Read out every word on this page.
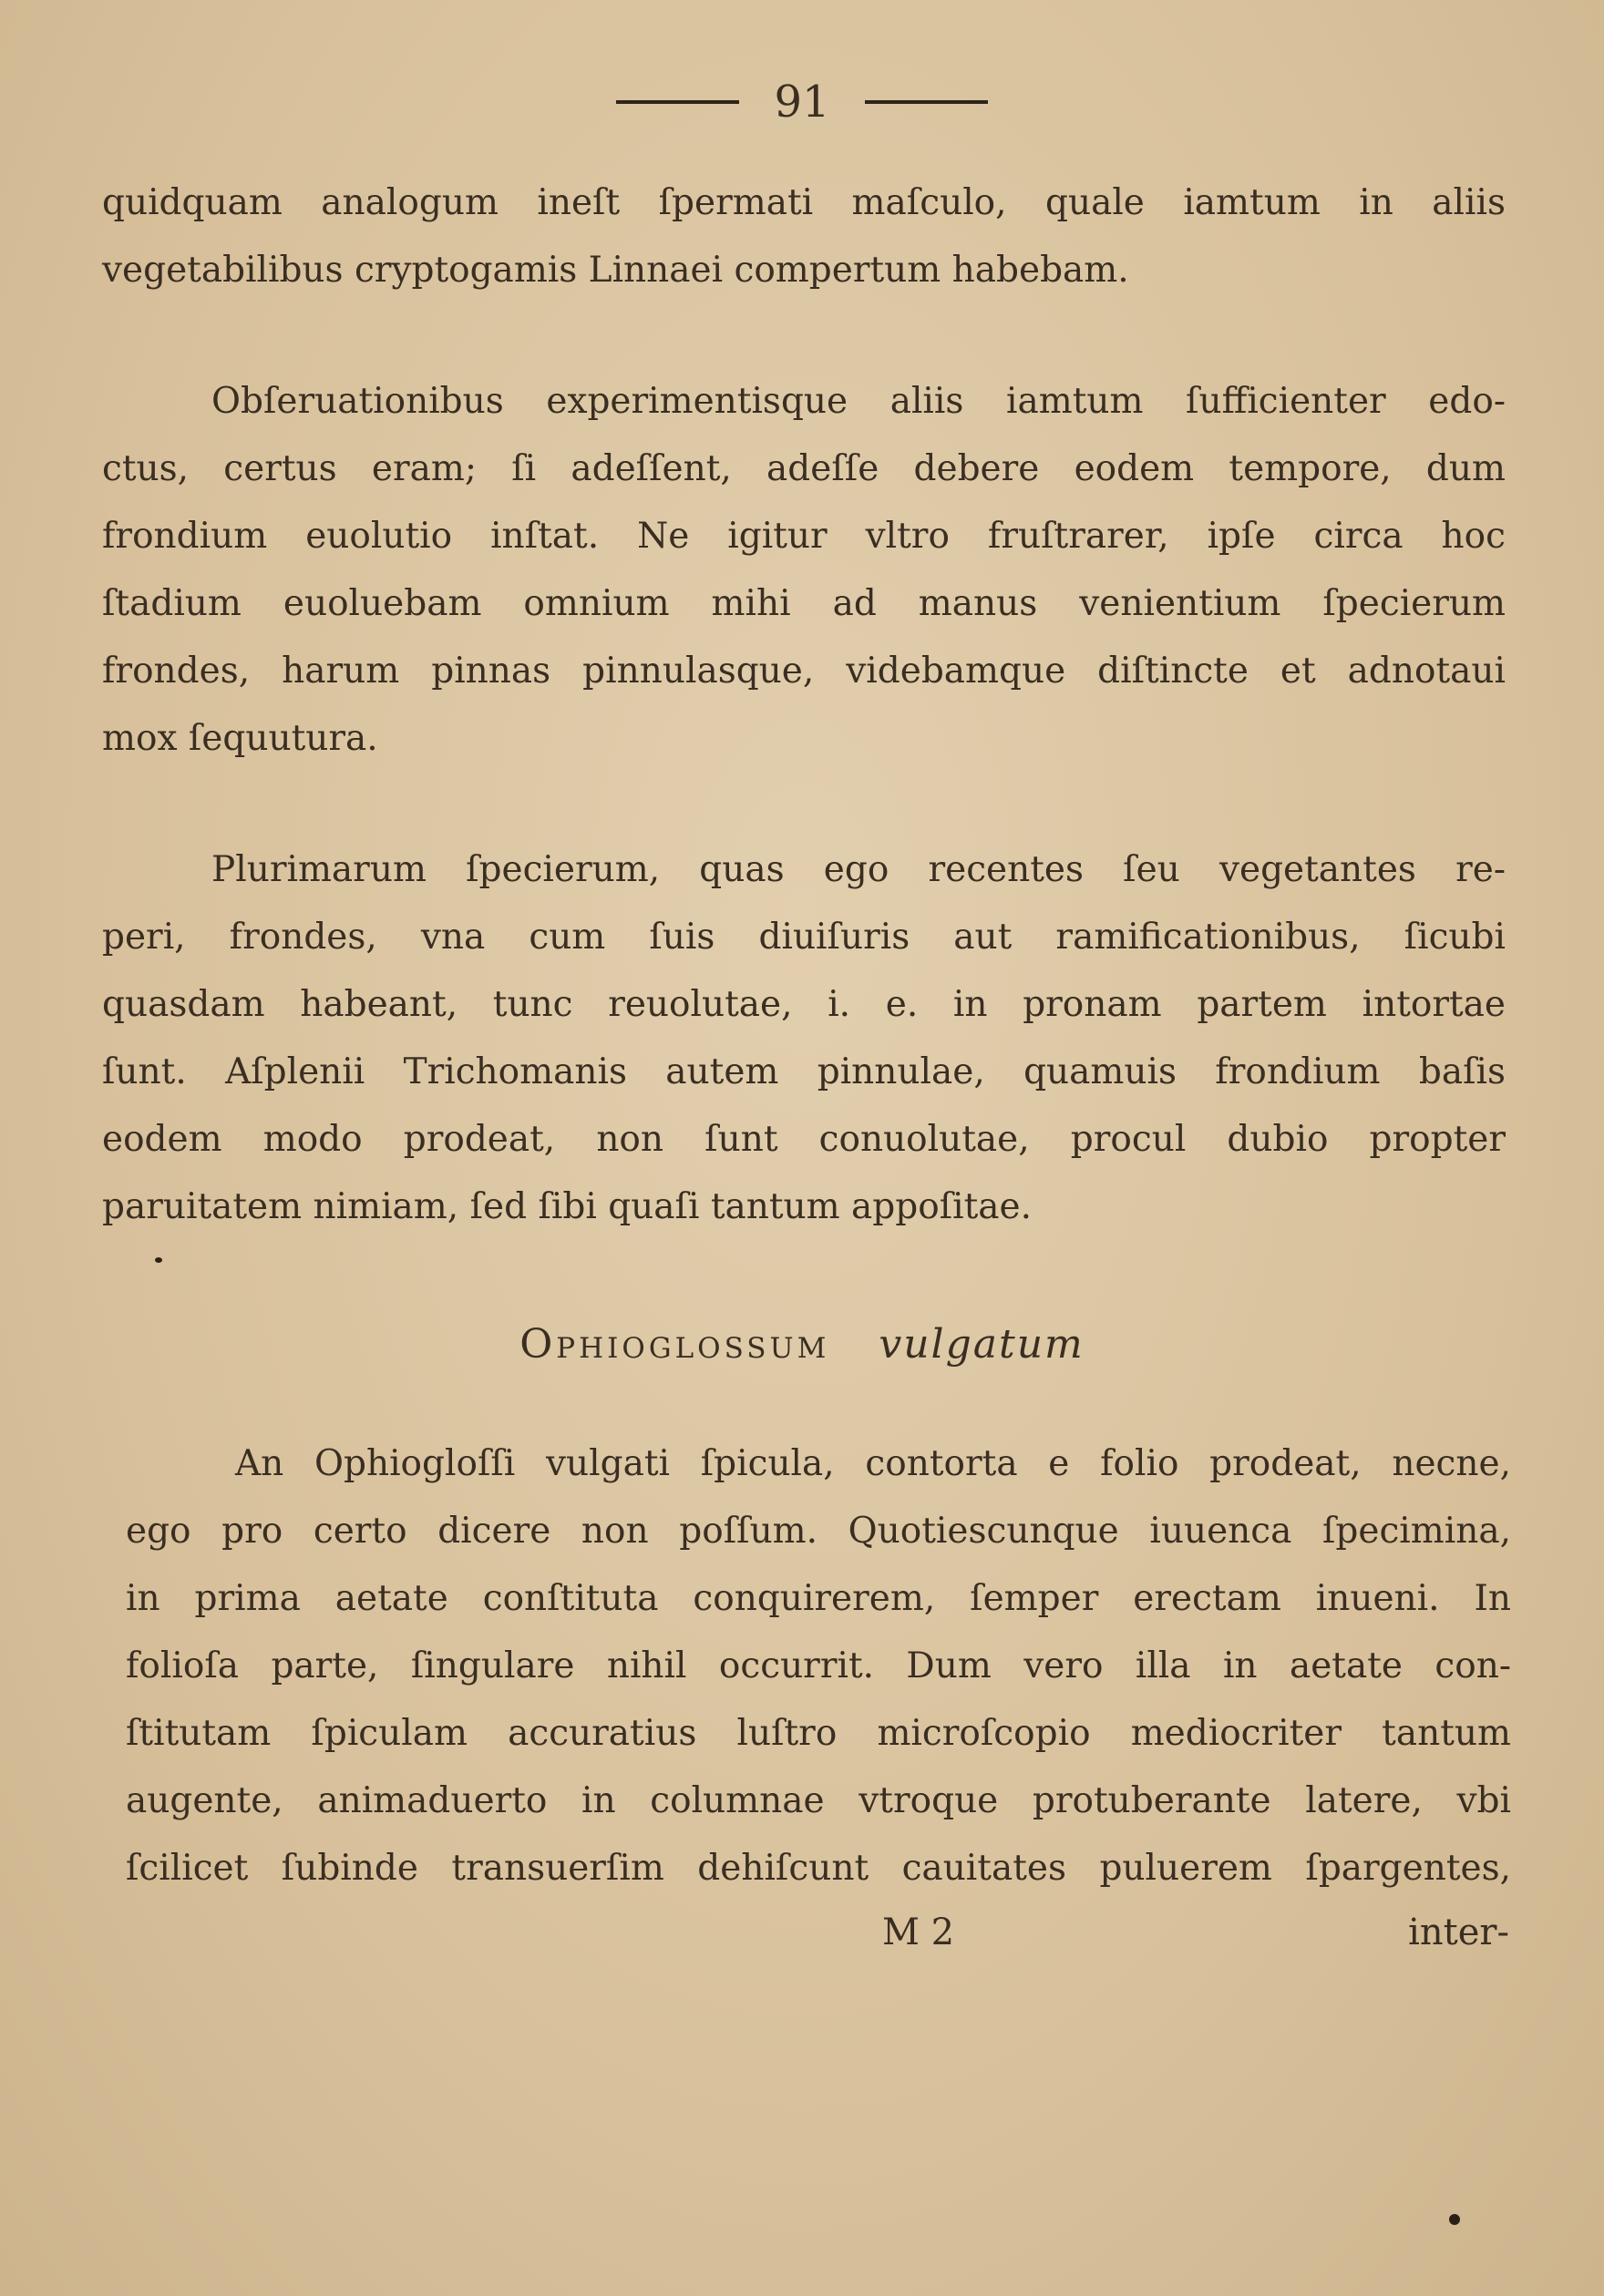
91
quidquam analogum ineſt ſpermati maſculo, quale iamtum in aliis
vegetabilibus cryptogamis Linnaei compertum habebam.
Obſeruationibus experimentisque aliis iamtum ſufficienter edo-
ctus, certus eram; ſi adeſſent, adeſſe debere eodem tempore, dum
frondium euolutio inſtat. Ne igitur vltro fruſtrarer, ipſe circa hoc
ſtadium euoluebam omnium mihi ad manus venientium ſpecierum
frondes, harum pinnas pinnulasque, videbamque diſtincte et adnotaui
mox ſequutura.
Plurimarum ſpecierum, quas ego recentes ſeu vegetantes re-
peri, frondes, vna cum ſuis diuiſuris aut ramificationibus, ſicubi
quasdam habeant, tunc reuolutae, i. e. in pronam partem intortae
ſunt. Aſplenii Trichomanis autem pinnulae, quamuis frondium baſis
eodem modo prodeat, non ſunt conuolutae, procul dubio propter
paruitatem nimiam, ſed ſibi quaſi tantum appoſitae.
Ophioglossum vulgatum
An Ophiogloſſi vulgati ſpicula, contorta e folio prodeat, necne,
ego pro certo dicere non poſſum. Quotiescunque iuuenca ſpecimina,
in prima aetate conſtituta conquirerem, ſemper erectam inueni. In
folioſa parte, ſingulare nihil occurrit. Dum vero illa in aetate con-
ſtitutam ſpiculam accuratius luſtro microſcopio mediocriter tantum
augente, animaduerto in columnae vtroque protuberante latere, vbi
ſcilicet ſubinde transuerſim dehiſcunt cauitates puluerem ſpargentes,
M 2	inter-
